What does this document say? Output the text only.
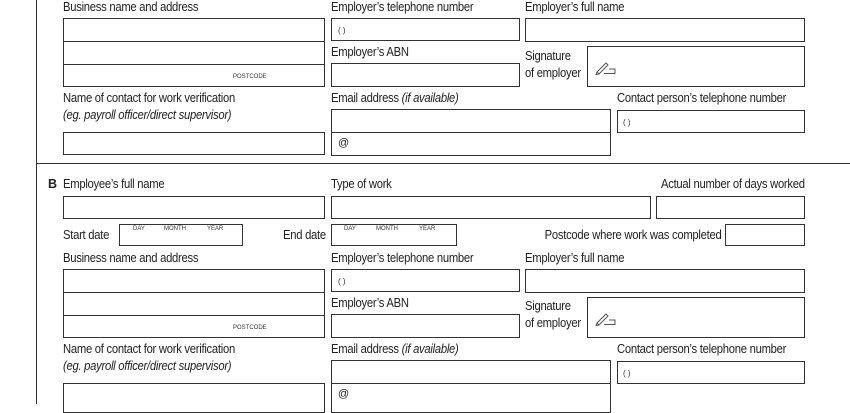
Business name and address
POSTCODE
Employer’s telephone number
( )
Employer’s ABN
Employer’s full name
Signature
of employer
Name of contact for work verification
(eg. payroll officer/direct supervisor)
Email address (if available)
@
Contact person’s telephone number
( )
B Employee’s full name	Type of work	Actual number of days worked
Start date	DAY	MONTH	YEAR	End date	DAY	MONTH	YEAR	Postcode where work was completed
Business name and address
POSTCODE
Employer’s telephone number
( )
Employer’s ABN
Employer’s full name
Signature
of employer
Name of contact for work verification
(eg. payroll officer/direct supervisor)
Email address (if available)
@
Contact person’s telephone number
( )
